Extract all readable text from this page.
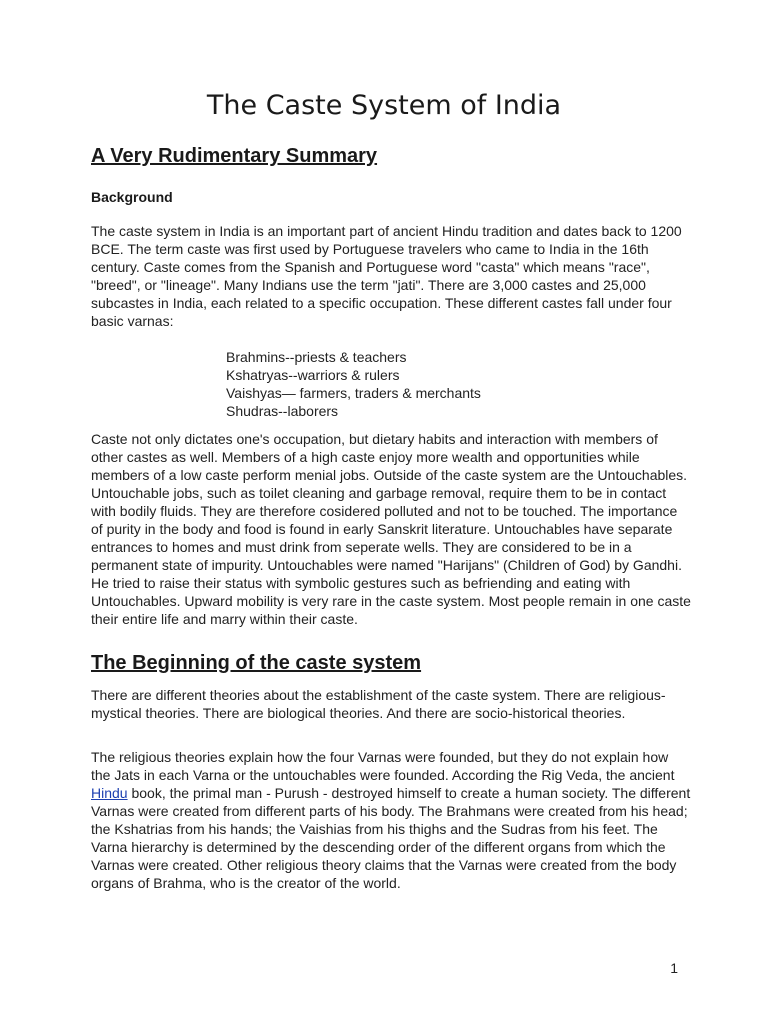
The Caste System of India
A Very Rudimentary Summary
Background

The caste system in India is an important part of ancient Hindu tradition and dates back to 1200 BCE. The term caste was first used by Portuguese travelers who came to India in the 16th century. Caste comes from the Spanish and Portuguese word "casta" which means "race", "breed", or "lineage". Many Indians use the term "jati". There are 3,000 castes and 25,000 subcastes in India, each related to a specific occupation. These different castes fall under four basic varnas:

Brahmins--priests & teachers
Kshatryas--warriors & rulers
Vaishyas— farmers, traders & merchants
Shudras--laborers

Caste not only dictates one's occupation, but dietary habits and interaction with members of other castes as well. Members of a high caste enjoy more wealth and opportunities while members of a low caste perform menial jobs. Outside of the caste system are the Untouchables. Untouchable jobs, such as toilet cleaning and garbage removal, require them to be in contact with bodily fluids. They are therefore cosidered polluted and not to be touched. The importance of purity in the body and food is found in early Sanskrit literature. Untouchables have separate entrances to homes and must drink from seperate wells. They are considered to be in a permanent state of impurity. Untouchables were named "Harijans" (Children of God) by Gandhi. He tried to raise their status with symbolic gestures such as befriending and eating with Untouchables. Upward mobility is very rare in the caste system. Most people remain in one caste their entire life and marry within their caste.

The Beginning of the caste system

There are different theories about the establishment of the caste system. There are religious-mystical theories. There are biological theories. And there are socio-historical theories.

The religious theories explain how the four Varnas were founded, but they do not explain how the Jats in each Varna or the untouchables were founded. According the Rig Veda, the ancient Hindu book, the primal man - Purush - destroyed himself to create a human society. The different Varnas were created from different parts of his body. The Brahmans were created from his head; the Kshatrias from his hands; the Vaishias from his thighs and the Sudras from his feet. The Varna hierarchy is determined by the descending order of the different organs from which the Varnas were created. Other religious theory claims that the Varnas were created from the body organs of Brahma, who is the creator of the world.

1
